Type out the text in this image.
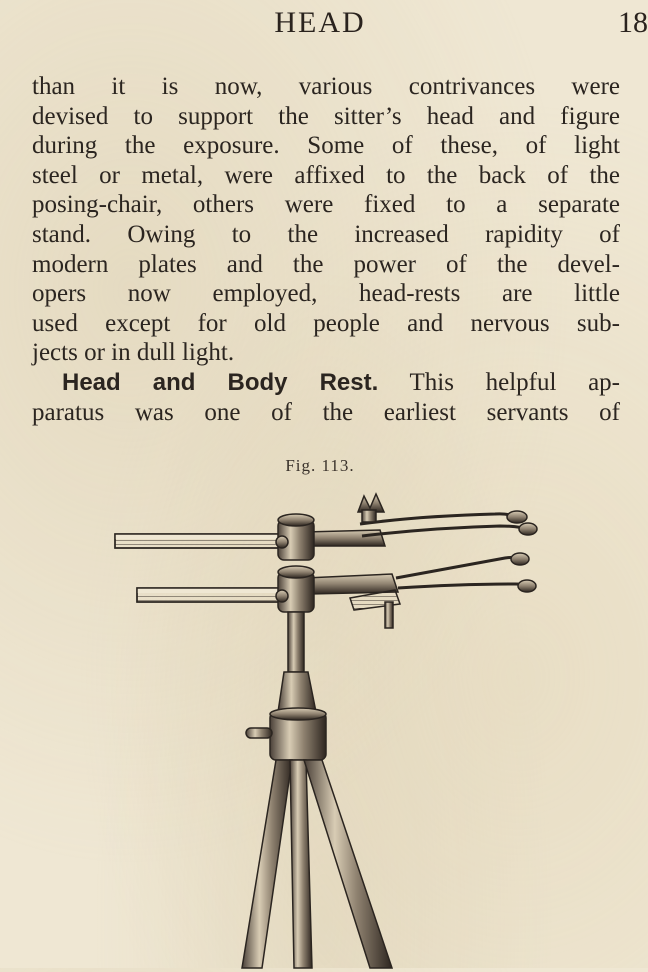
HEAD	18
than it is now, various contrivances were
devised to support the sitter’s head and figure
during the exposure. Some of these, of light
steel or metal, were affixed to the back of the
posing-chair, others were fixed to a separate
stand. Owing to the increased rapidity of
modern plates and the power of the devel-
opers now employed, head-rests are little
used except for old people and nervous sub-
jects or in dull light.
Head and Body Rest. This helpful ap-
paratus was one of the earliest servants of
Fig. 113.
